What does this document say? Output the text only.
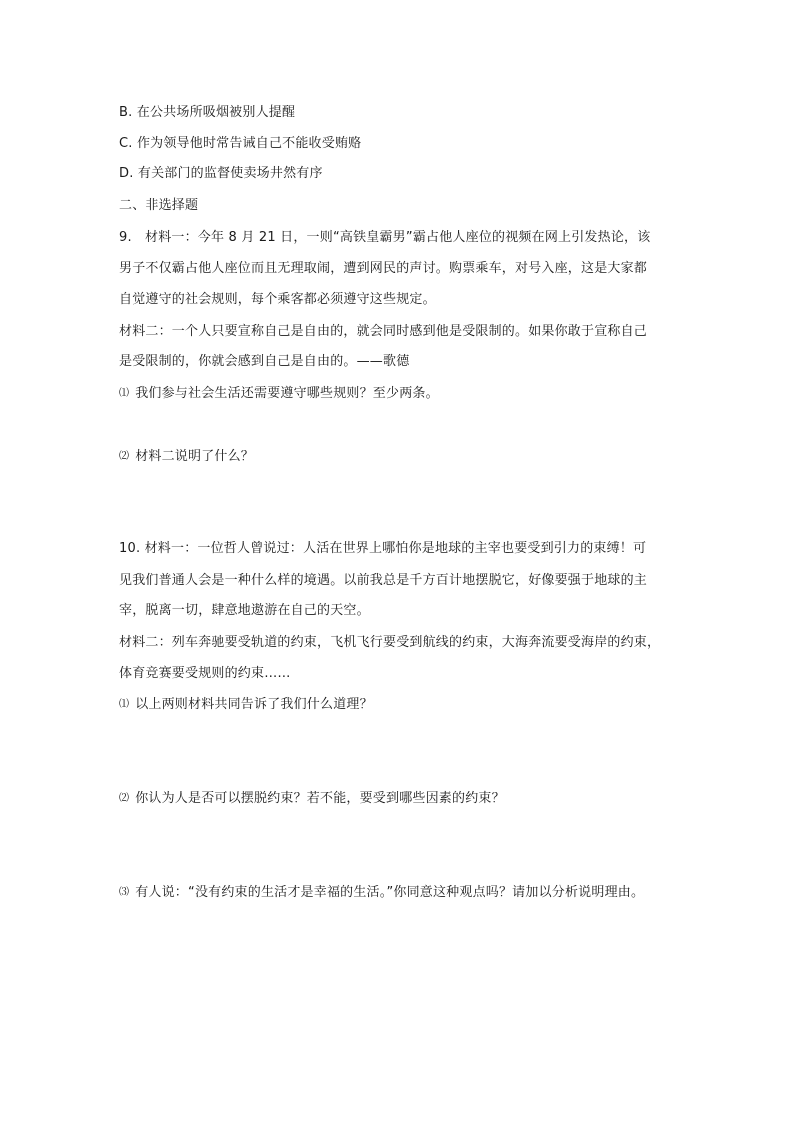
B. 在公共场所吸烟被别人提醒
C. 作为领导他时常告诫自己不能收受贿赂
D. 有关部门的监督使卖场井然有序
二、非选择题
9.　材料一：今年 8 月 21 日，一则“高铁皇霸男”霸占他人座位的视频在网上引发热论，该
男子不仅霸占他人座位而且无理取闹，遭到网民的声讨。购票乘车，对号入座，这是大家都
自觉遵守的社会规则，每个乘客都必须遵守这些规定。
材料二：一个人只要宣称自己是自由的，就会同时感到他是受限制的。如果你敢于宣称自己
是受限制的，你就会感到自己是自由的。——歌德
⑴ 我们参与社会生活还需要遵守哪些规则？至少两条。
⑵ 材料二说明了什么？
10. 材料一：一位哲人曾说过：人活在世界上哪怕你是地球的主宰也要受到引力的束缚！可
见我们普通人会是一种什么样的境遇。以前我总是千方百计地摆脱它，好像要强于地球的主
宰，脱离一切，肆意地遨游在自己的天空。
材料二：列车奔驰要受轨道的约束，飞机飞行要受到航线的约束，大海奔流要受海岸的约束，
体育竞赛要受规则的约束……
⑴ 以上两则材料共同告诉了我们什么道理？
⑵ 你认为人是否可以摆脱约束？若不能，要受到哪些因素的约束？
⑶ 有人说：“没有约束的生活才是幸福的生活。”你同意这种观点吗？请加以分析说明理由。
